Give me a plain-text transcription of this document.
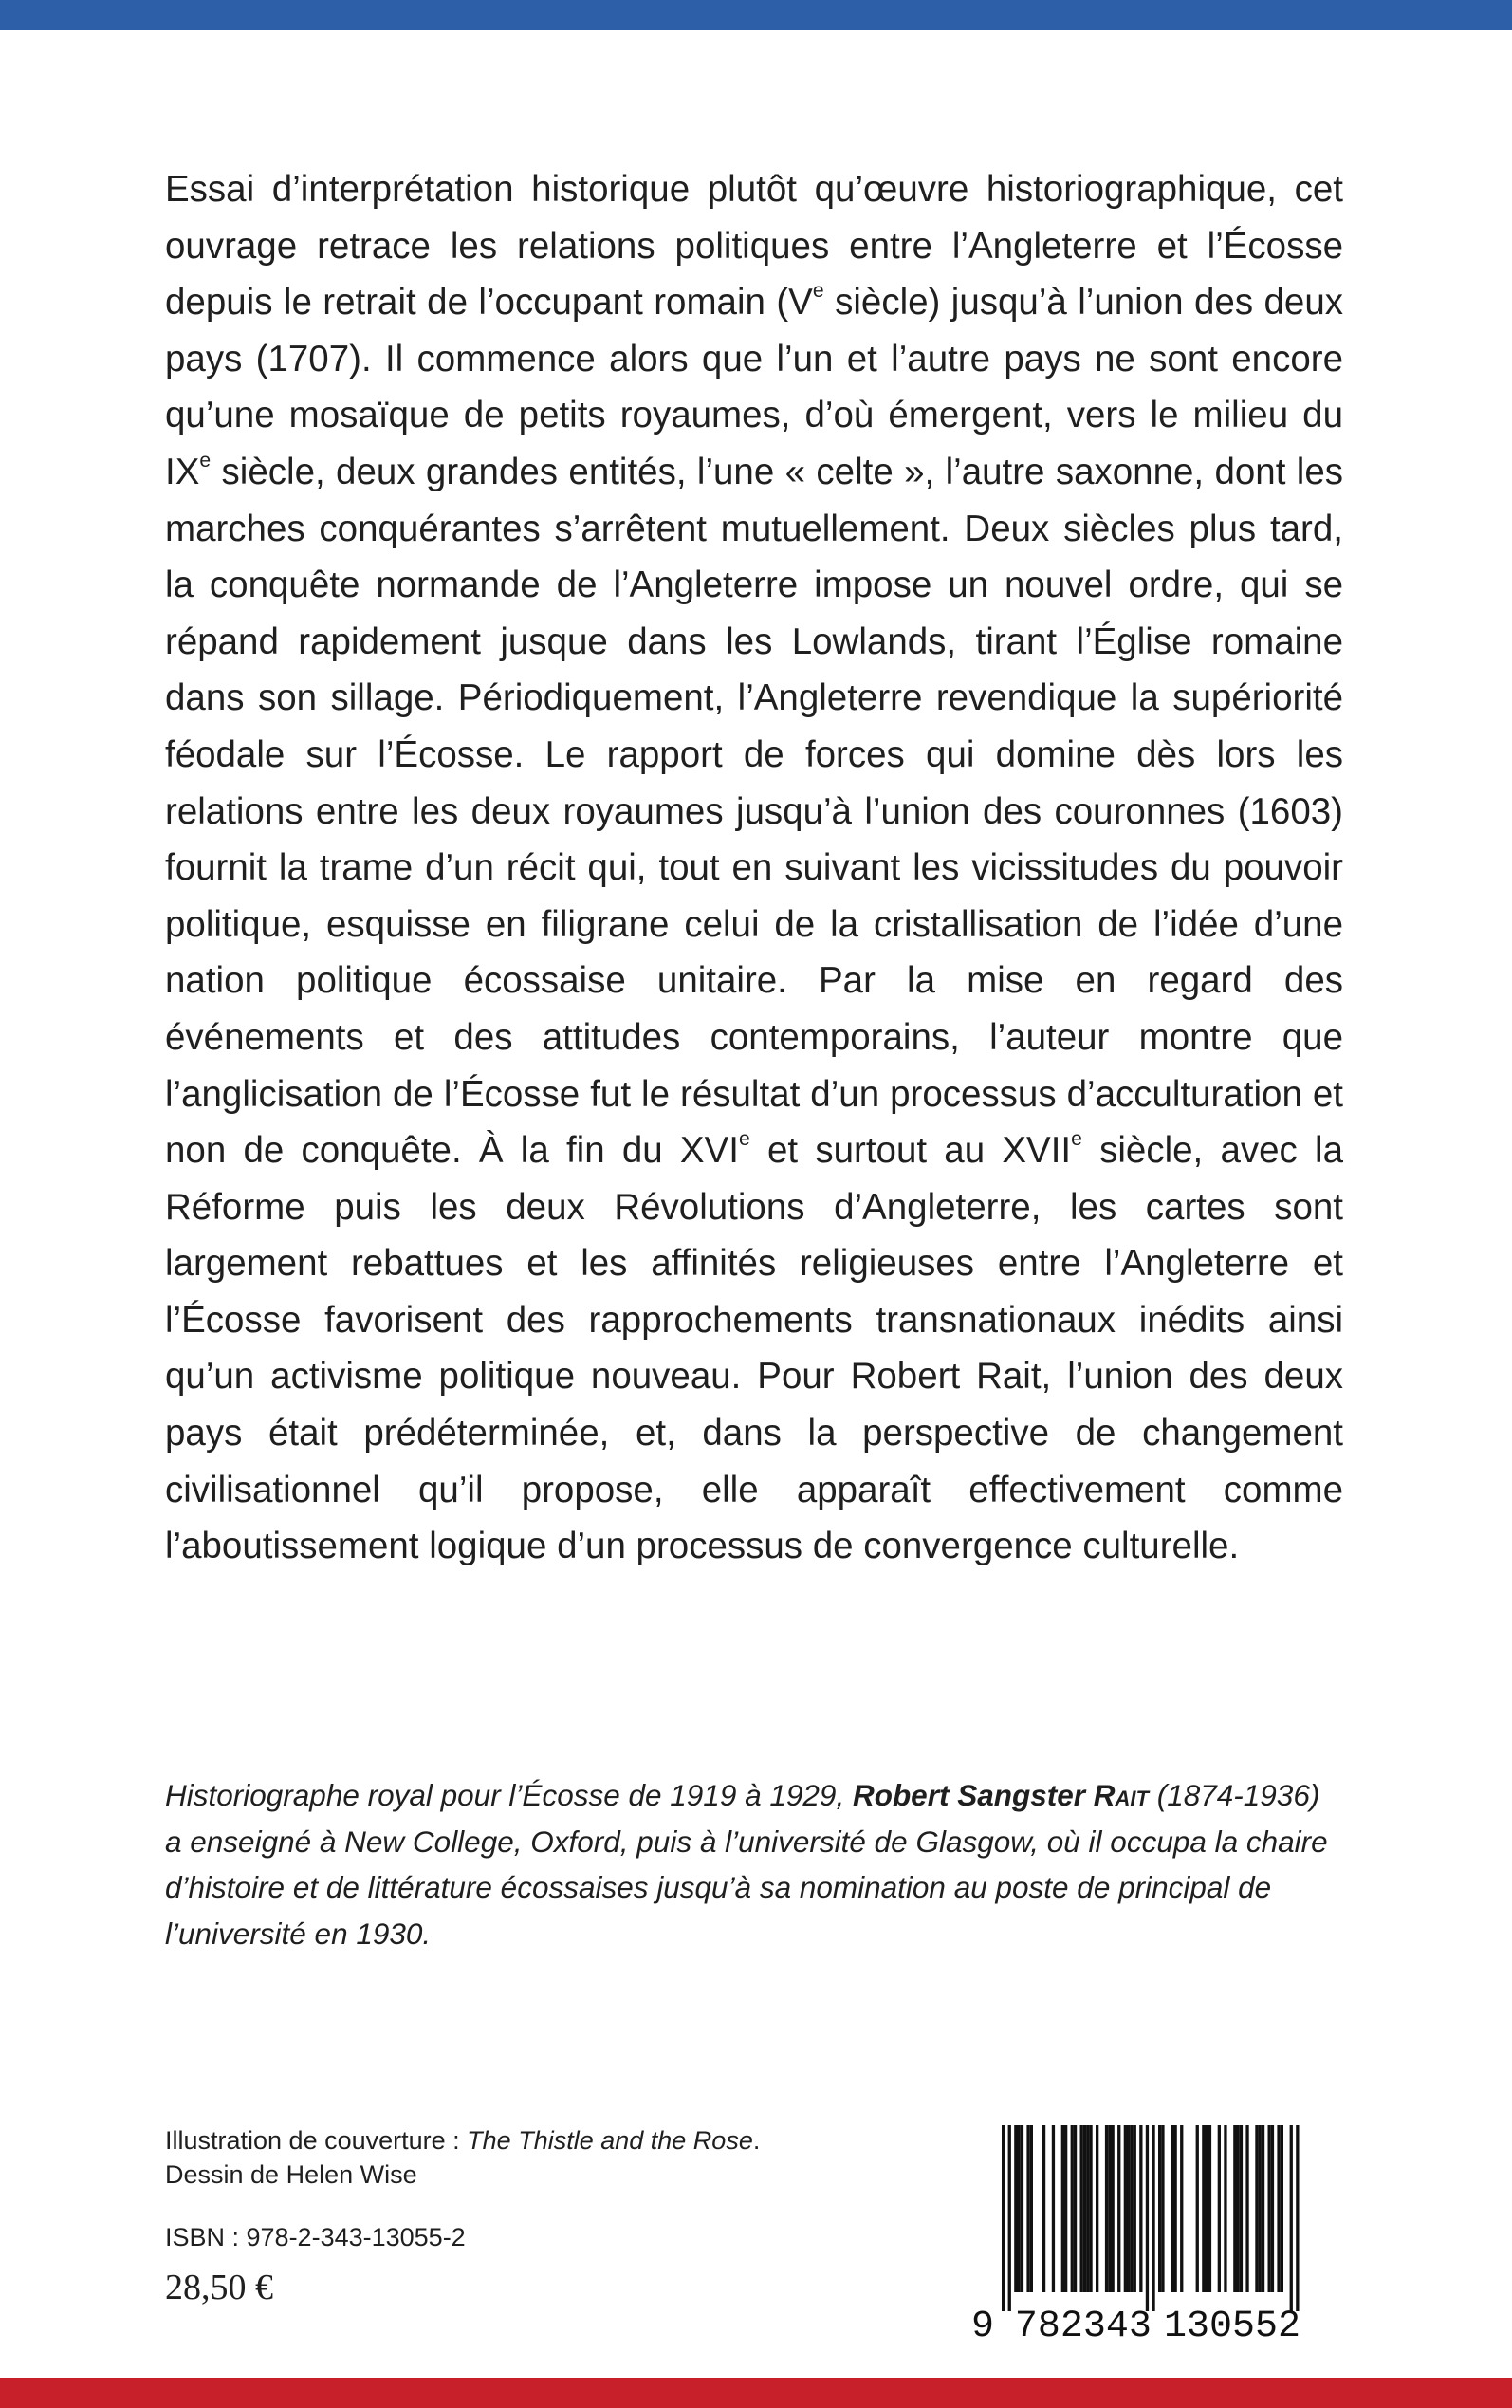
Essai d’interprétation historique plutôt qu’œuvre historiographique, cet ouvrage retrace les relations politiques entre l’Angleterre et l’Écosse depuis le retrait de l’occupant romain (Ve siècle) jusqu’à l’union des deux pays (1707). Il commence alors que l’un et l’autre pays ne sont encore qu’une mosaïque de petits royaumes, d’où émergent, vers le milieu du IXe siècle, deux grandes entités, l’une « celte », l’autre saxonne, dont les marches conquérantes s’arrêtent mutuellement. Deux siècles plus tard, la conquête normande de l’Angleterre impose un nouvel ordre, qui se répand rapidement jusque dans les Lowlands, tirant l’Église romaine dans son sillage. Périodiquement, l’Angleterre revendique la supériorité féodale sur l’Écosse. Le rapport de forces qui domine dès lors les relations entre les deux royaumes jusqu’à l’union des couronnes (1603) fournit la trame d’un récit qui, tout en suivant les vicissitudes du pouvoir politique, esquisse en filigrane celui de la cristallisation de l’idée d’une nation politique écossaise unitaire. Par la mise en regard des événements et des attitudes contemporains, l’auteur montre que l’anglicisation de l’Écosse fut le résultat d’un processus d’acculturation et non de conquête. À la fin du XVIe et surtout au XVIIe siècle, avec la Réforme puis les deux Révolutions d’Angleterre, les cartes sont largement rebattues et les affinités religieuses entre l’Angleterre et l’Écosse favorisent des rapprochements transnationaux inédits ainsi qu’un activisme politique nouveau. Pour Robert Rait, l’union des deux pays était prédéterminée, et, dans la perspective de changement civilisationnel qu’il propose, elle apparaît effectivement comme l’aboutissement logique d’un processus de convergence culturelle.

Historiographe royal pour l’Écosse de 1919 à 1929, Robert Sangster Rait (1874-1936) a enseigné à New College, Oxford, puis à l’université de Glasgow, où il occupa la chaire d’histoire et de littérature écossaises jusqu’à sa nomination au poste de principal de l’université en 1930.
Illustration de couverture : The Thistle and the Rose.
Dessin de Helen Wise
ISBN : 978-2-343-13055-2
28,50 €
9 782343 130552
